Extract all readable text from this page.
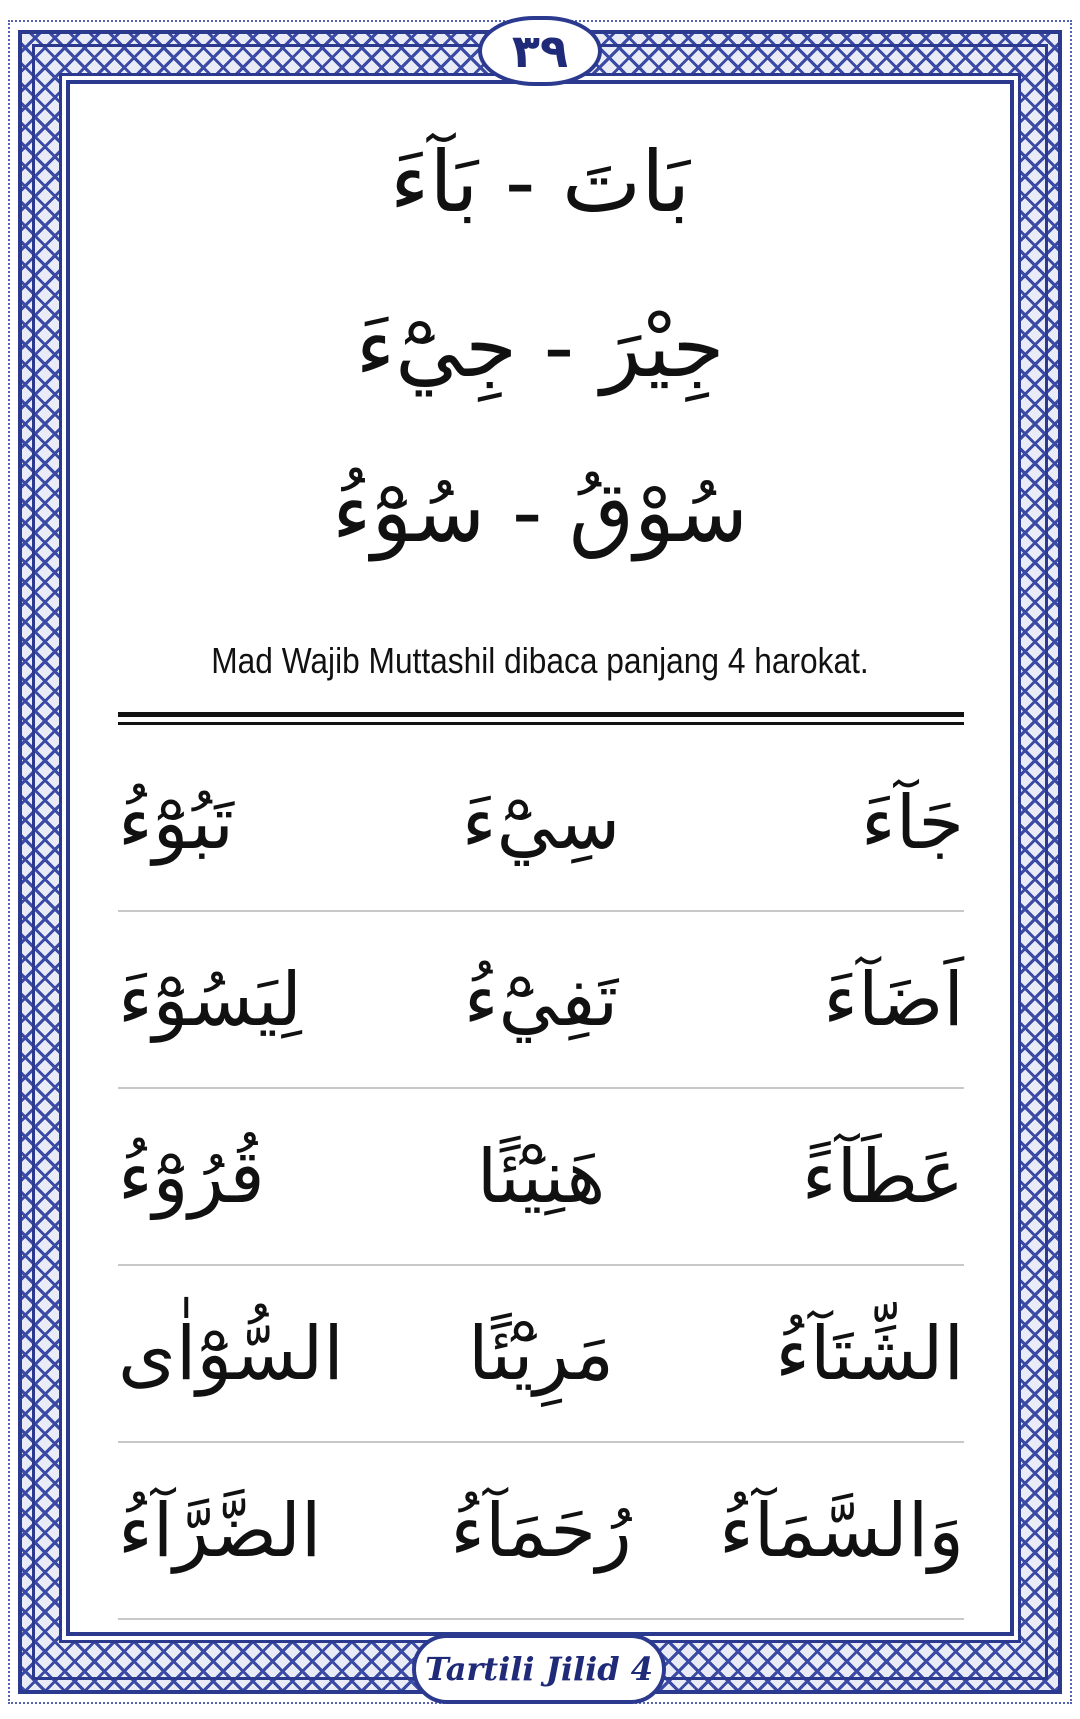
٣٩
بَاتَ - بَآءَ
جِيْرَ - جِيْٓءَ
سُوْقُ - سُوْٓءُ
Mad Wajib Muttashil dibaca panjang 4 harokat.
جَآءَ
سِيْٓءَ
تَبُوْٓءُ
اَضَآءَ
تَفِيْٓءُ
لِيَسُوْٓءَ
عَطَآءً
هَنِيْٓئًا
قُرُوْٓءُ
الشِّتَآءُ
مَرِيْٓئًا
السُّوْٓاٰى
وَالسَّمَآءُ
رُحَمَآءُ
الضَّرَّآءُ
Tartili Jilid 4
